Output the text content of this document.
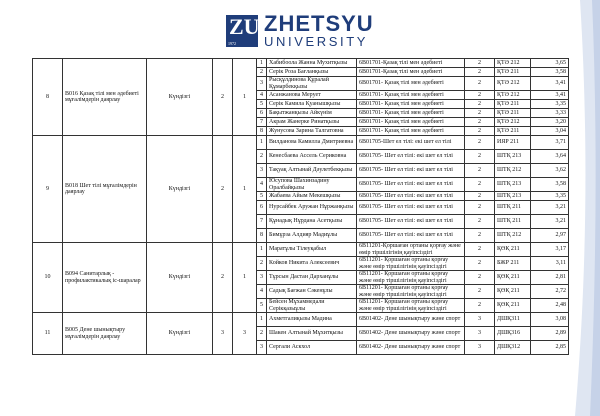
ZU
1972
ZHETSYU
UNIVERSITY
8	B016 Қазақ тілі мен әдебиеті мұғалімдерін даярлау	Күндізгі	2	1	1	Хабибоола Жанна Мухитқызы	6В01701-Қазақ тілі мен әдебиеті	2	ҚТӘ 212	3,65
					2	Серік Роза Бағланқызы	6В01701-Қазақ тілі мен әдебиеті	2	ҚТӘ 211	3,58
					3	Рысқұлдинова Құралай Құмарбекқызы	6В01701- Қазақ тілі мен әдебиеті	2	ҚТӘ 212	3,41
					4	Асанжанова Мерует	6В01701- Қазақ тілі мен әдебиеті	2	ҚТӘ 212	3,41
					5	Серік Камила Қуанышқызы	6В01701- Қазақ тілі мен әдебиеті	2	ҚТӘ 211	3,35
					6	Бақытжанқызы Айкүнім	6В01701- Қазақ тілі мен әдебиеті	2	ҚТӘ 211	3,33
					7	Акрам Жанерке Ринатқызы	6В01701- Қазақ тілі мен әдебиеті	2	ҚТӘ 212	3,20
					8	Жунусова Зарина Талгатовна	6В01701- Қазақ тілі мен әдебиеті	2	ҚТӘ 211	3,04
9	В018 Шет тілі мұғалімдерін даярлау	Күндізгі	2	1	1	Вилданова Камилла Дмитриевна	6В01705-Шет ел тілі: екі шет ел тілі	2	ИЯР 211	3,71
					2	Кенесбаева Ассель Сериковна	6В01705- Шет ел тілі: екі шет ел тілі	2	ШТҚ 213	3,64
					3	Тақуақ Алтынай Дәулетбекқызы	6В01705- Шет ел тілі: екі шет ел тілі	2	ШТҚ 212	3,62
					4	Юсупова Шахинзадину Оралбайқызы	6В01705- Шет ел тілі: екі шет ел тілі	2	ШТҚ 213	3,58
					5	Жабаева Айым Мекешқызы	6В01705- Шет ел тілі: екі шет ел тілі	2	ШТҚ 213	3,35
					6	Нурсайбек Аружан Нұржанқызы	6В01705- Шет ел тілі: екі шет ел тілі	2	ШТҚ 211	3,21
					7	Құнадық Нұрдана Асетқызы	6В01705- Шет ел тілі: екі шет ел тілі	2	ШТҚ 211	3,21
					8	Бимұрза Алдияр Мадиұлы	6В01705- Шет ел тілі: екі шет ел тілі	2	ШТҚ 212	2,97
10	В094 Санитарлық - профилактикалық іс-шаралар	Күндізгі	2	1	1	Маратұлы Тілеуқабыл	6В11201-Қоршаған ортаны қорғау және өмір тіршілігінің қауіпсіздігі	2	ҚӨҚ 211	3,17
					2	Койков Никита Алексеевич	6В11201- Қоршаған ортаны қорғау және өмір тіршілігінің қауіпсіздігі	2	БЖР 211	3,11
					3	Тұрсын Дастан Дарханұлы	6В11201- Қоршаған ортаны қорғау және өмір тіршілігінің қауіпсіздігі	2	ҚӨҚ 211	2,81
					4	Садық Бағжан Сәкенұлы	6В11201- Қоршаған ортаны қорғау және өмір тіршілігінің қауіпсіздігі	2	ҚӨҚ 211	2,72
					5	Бейсен Мұхаммедали Серікқазыұлы	6В11201- Қоршаған ортаны қорғау және өмір тіршілігінің қауіпсіздігі	2	ҚӨҚ 211	2,48
11	В005 Дене шынықтыру мұғалімдерін даярлау	Күндізгі	3	3	1	Ахметгалиқызы Мадина	6В01402- Дене шынықтыру және спорт	3	ДШҚ311	3,08
					2	Шакен Алтынай Мұхитқызы	6В01402- Дене шынықтыру және спорт	3	ДШҚ316	2,89
					3	Сергали Аскхол	6В01402- Дене шынықтыру және спорт	3	ДШҚ312	2,85
